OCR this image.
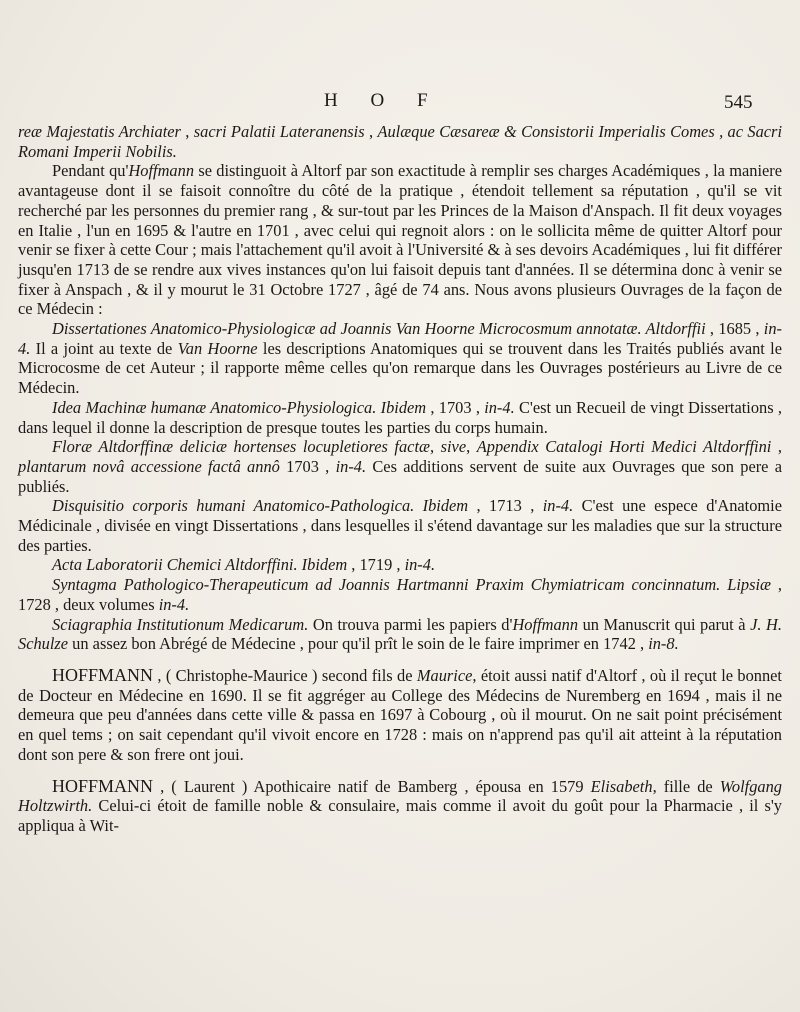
H O F	545

reæ Majestatis Archiater , sacri Palatii Lateranensis , Aulæque Cæsareæ & Consistorii Imperialis Comes , ac Sacri Romani Imperii Nobilis.

Pendant qu'Hoffmann se distinguoit à Altorf par son exactitude à remplir ses charges Académiques , la maniere avantageuse dont il se faisoit connoître du côté de la pratique , étendoit tellement sa réputation , qu'il se vit recherché par les personnes du premier rang , & sur-tout par les Princes de la Maison d'Anspach. Il fit deux voyages en Italie , l'un en 1695 & l'autre en 1701 , avec celui qui regnoit alors : on le sollicita même de quitter Altorf pour venir se fixer à cette Cour ; mais l'attachement qu'il avoit à l'Université & à ses devoirs Académiques , lui fit différer jusqu'en 1713 de se rendre aux vives instances qu'on lui faisoit depuis tant d'années. Il se détermina donc à venir se fixer à Anspach , & il y mourut le 31 Octobre 1727 , âgé de 74 ans. Nous avons plusieurs Ouvrages de la façon de ce Médecin :

Dissertationes Anatomico-Physiologicæ ad Joannis Van Hoorne Microcosmum annotatæ. Altdorffii , 1685 , in-4. Il a joint au texte de Van Hoorne les descriptions Anatomiques qui se trouvent dans les Traités publiés avant le Microcosme de cet Auteur ; il rapporte même celles qu'on remarque dans les Ouvrages postérieurs au Livre de ce Médecin.

Idea Machinæ humanæ Anatomico-Physiologica. Ibidem , 1703 , in-4. C'est un Recueil de vingt Dissertations , dans lequel il donne la description de presque toutes les parties du corps humain.

Floræ Altdorffinæ deliciæ hortenses locupletiores factæ, sive, Appendix Catalogi Horti Medici Altdorffini , plantarum novâ accessione factâ annô 1703 , in-4. Ces additions servent de suite aux Ouvrages que son pere a publiés.

Disquisitio corporis humani Anatomico-Pathologica. Ibidem , 1713 , in-4. C'est une espece d'Anatomie Médicinale , divisée en vingt Dissertations , dans lesquelles il s'étend davantage sur les maladies que sur la structure des parties.

Acta Laboratorii Chemici Altdorffini. Ibidem , 1719 , in-4.

Syntagma Pathologico-Therapeuticum ad Joannis Hartmanni Praxim Chymiatricam concinnatum. Lipsiæ , 1728 , deux volumes in-4.

Sciagraphia Institutionum Medicarum. On trouva parmi les papiers d'Hoffmann un Manuscrit qui parut à J. H. Schulze un assez bon Abrégé de Médecine , pour qu'il prît le soin de le faire imprimer en 1742 , in-8.

HOFFMANN , ( Christophe-Maurice ) second fils de Maurice, étoit aussi natif d'Altorf , où il reçut le bonnet de Docteur en Médecine en 1690. Il se fit aggréger au College des Médecins de Nuremberg en 1694 , mais il ne demeura que peu d'années dans cette ville & passa en 1697 à Cobourg , où il mourut. On ne sait point précisément en quel tems ; on sait cependant qu'il vivoit encore en 1728 : mais on n'apprend pas qu'il ait atteint à la réputation dont son pere & son frere ont joui.

HOFFMANN , ( Laurent ) Apothicaire natif de Bamberg , épousa en 1579 Elisabeth, fille de Wolfgang Holtzwirth. Celui-ci étoit de famille noble & consulaire, mais comme il avoit du goût pour la Pharmacie , il s'y appliqua à Wit-
